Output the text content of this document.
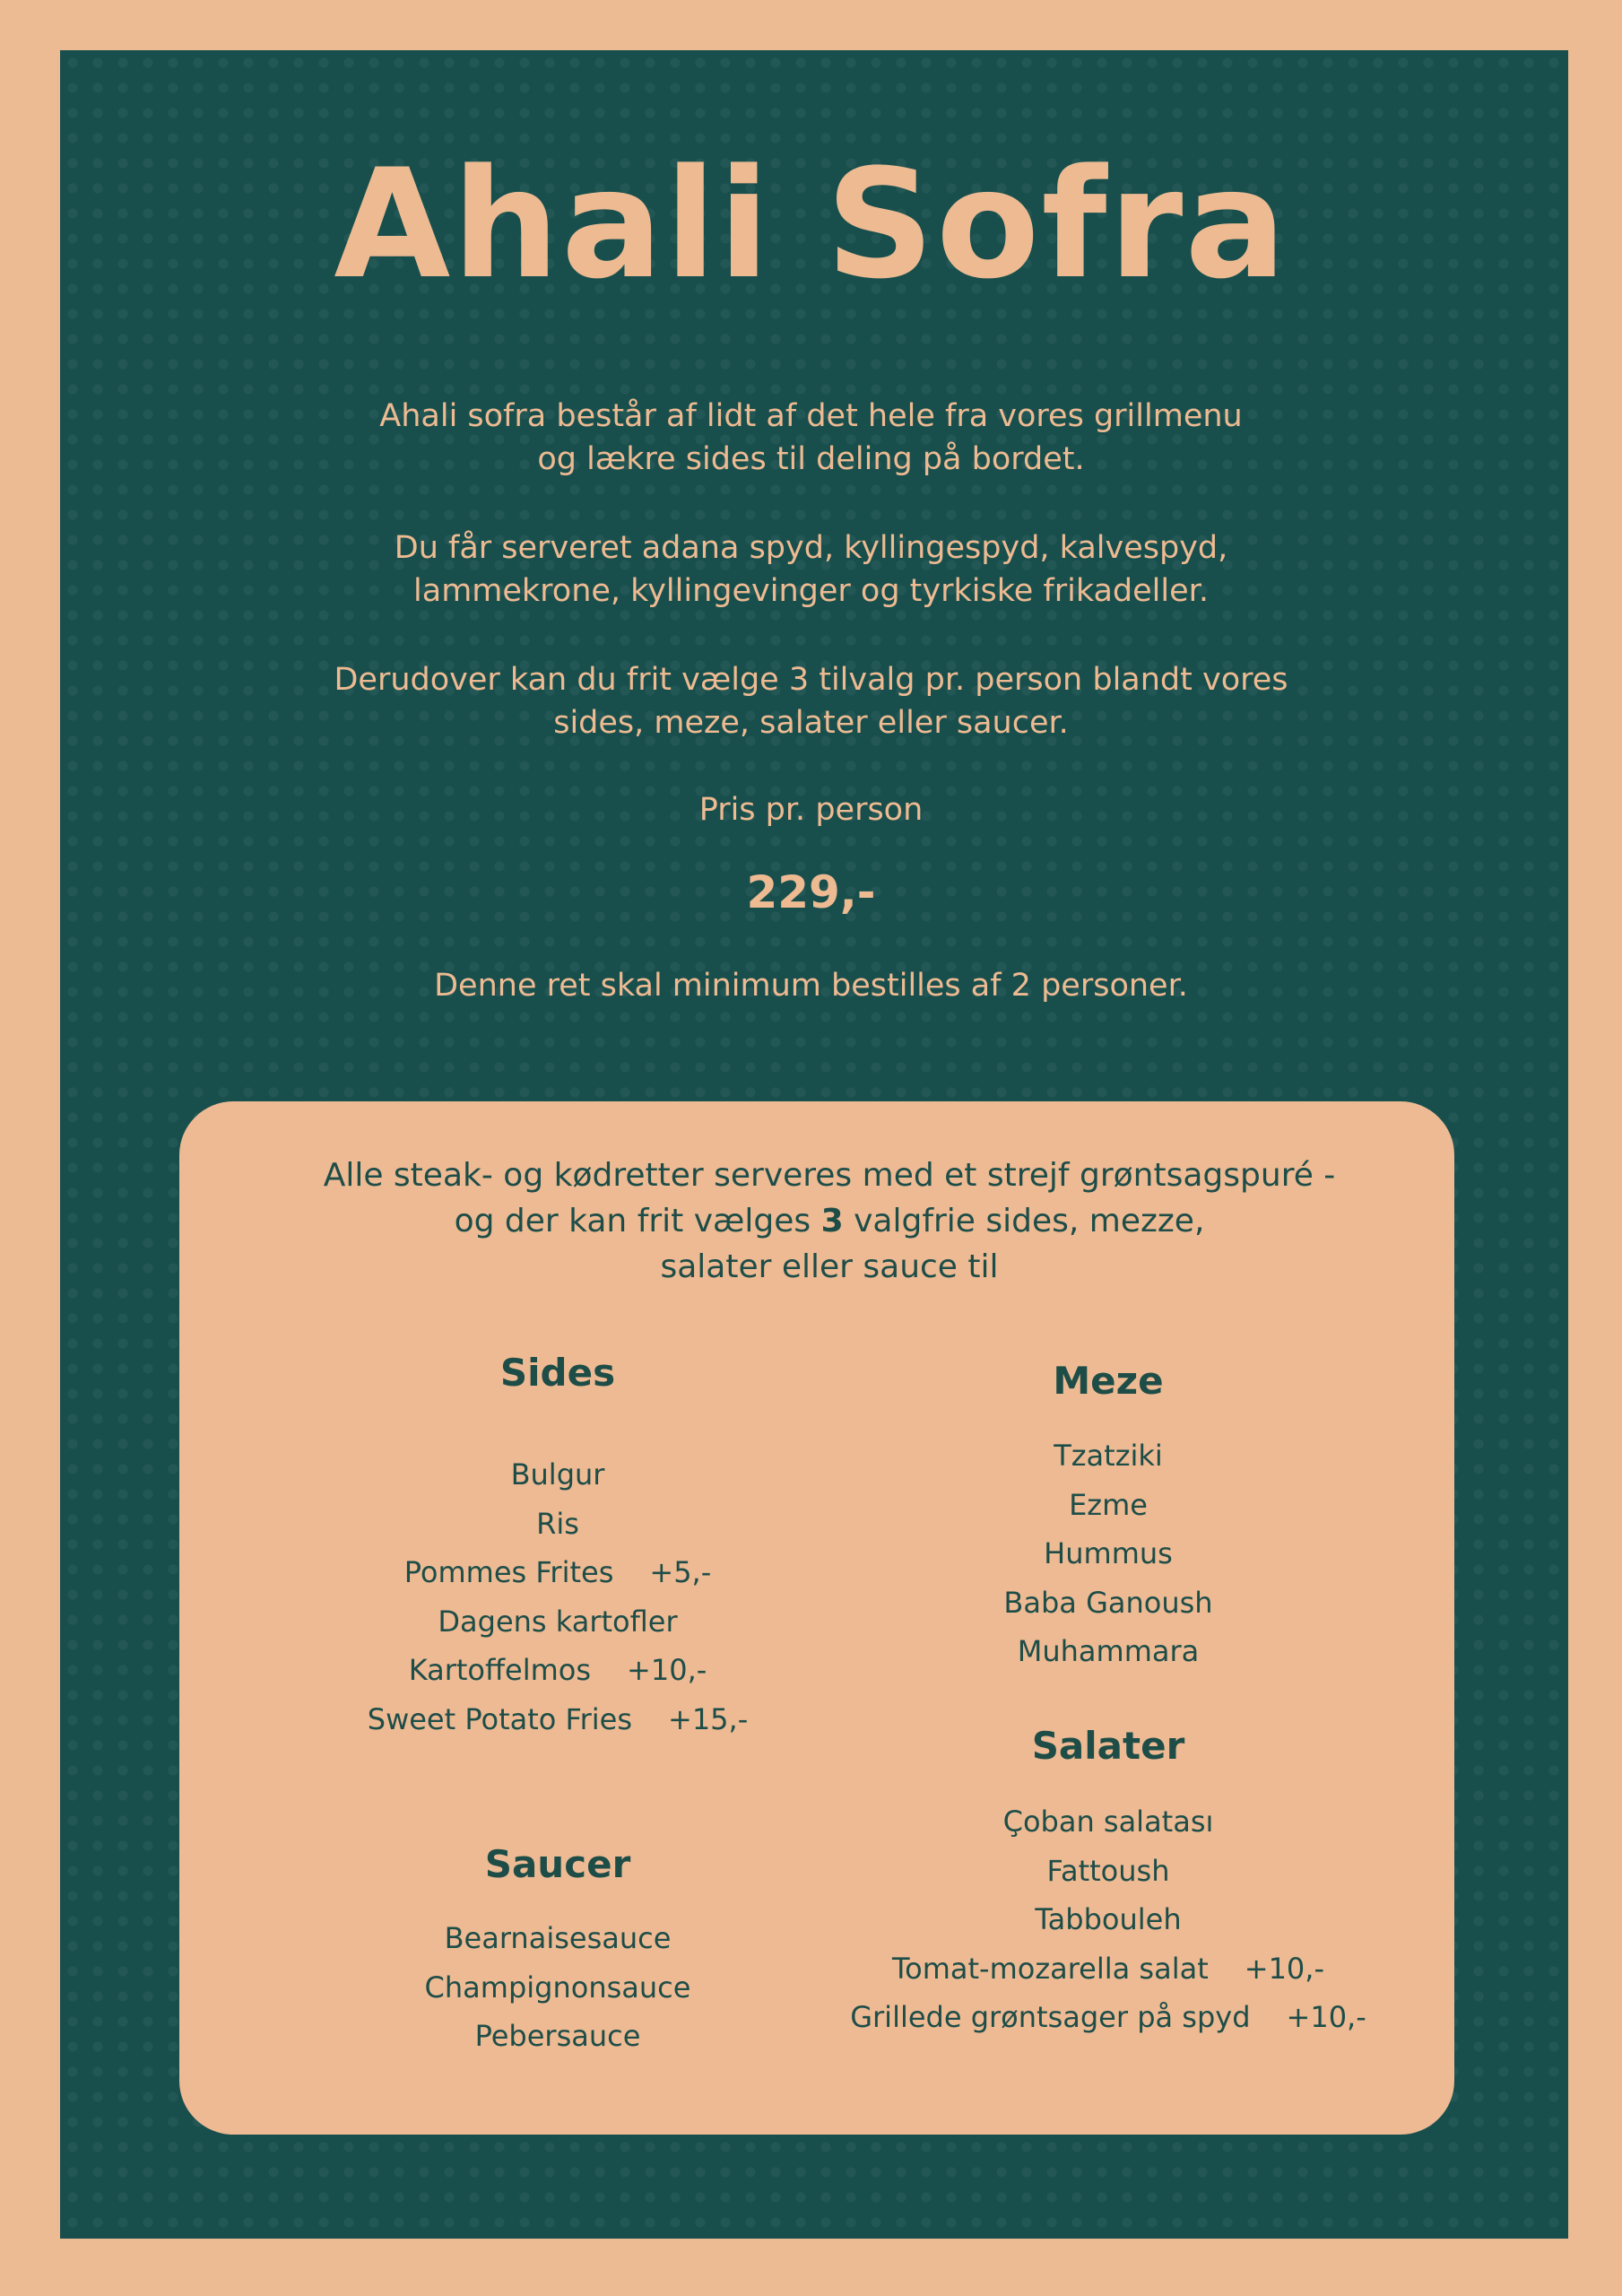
Ahali Sofra
Ahali sofra består af lidt af det hele fra vores grillmenu
og lækre sides til deling på bordet.
Du får serveret adana spyd, kyllingespyd, kalvespyd,
lammekrone, kyllingevinger og tyrkiske frikadeller.
Derudover kan du frit vælge 3 tilvalg pr. person blandt vores
sides, meze, salater eller saucer.
Pris pr. person
229,-
Denne ret skal minimum bestilles af 2 personer.
Alle steak- og kødretter serveres med et strejf grøntsagspuré -
og der kan frit vælges 3 valgfrie sides, mezze,
salater eller sauce til
Sides
Bulgur
Ris
Pommes Frites +5,-
Dagens kartofler
Kartoffelmos +10,-
Sweet Potato Fries +15,-
Saucer
Bearnaisesauce
Champignonsauce
Pebersauce
Meze
Tzatziki
Ezme
Hummus
Baba Ganoush
Muhammara
Salater
Çoban salatası
Fattoush
Tabbouleh
Tomat-mozarella salat +10,-
Grillede grøntsager på spyd +10,-
